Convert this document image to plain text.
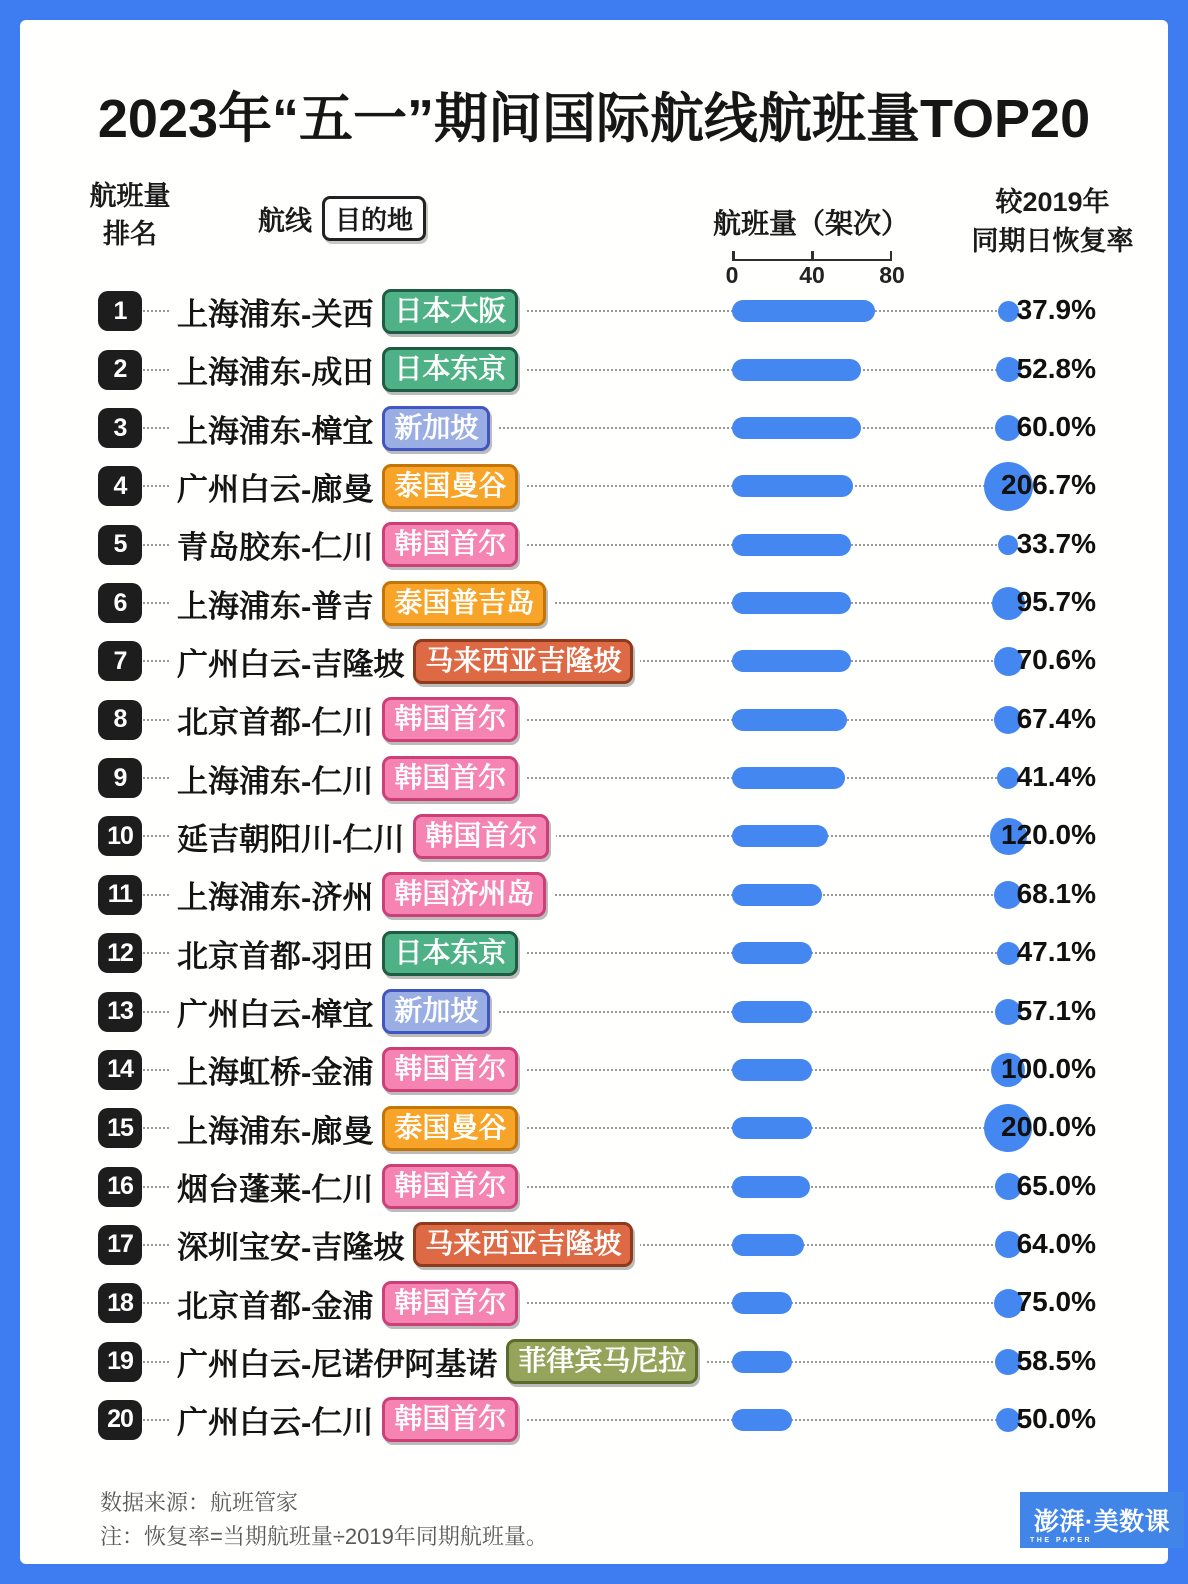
2023年“五一”期间国际航线航班量TOP20
航班量
排名	航线 目的地	航班量（架次）
较2019年
同期日恢复率
0	40 80
1	上海浦东-关西 日本大阪	37.9%
2	上海浦东-成田 日本东京	52.8%
3	上海浦东-樟宜 新加坡	60.0%
4	广州白云-廊曼 泰国曼谷	206.7%
5	青岛胶东-仁川 韩国首尔	33.7%
6	上海浦东-普吉 泰国普吉岛	95.7%
7	广州白云-吉隆坡 马来西亚吉隆坡	70.6%
8	北京首都-仁川 韩国首尔	67.4%
9	上海浦东-仁川 韩国首尔	41.4%
10 延吉朝阳川-仁川 韩国首尔	120.0%
11	上海浦东-济州 韩国济州岛	68.1%
12 北京首都-羽田 日本东京	47.1%
13 广州白云-樟宜 新加坡	57.1%
14 上海虹桥-金浦 韩国首尔	100.0%
15 上海浦东-廊曼 泰国曼谷	200.0%
16 烟台蓬莱-仁川 韩国首尔	65.0%
17 深圳宝安-吉隆坡 马来西亚吉隆坡	64.0%
18 北京首都-金浦 韩国首尔	75.0%
19 广州白云-尼诺伊阿基诺 菲律宾马尼拉	58.5%
20 广州白云-仁川 韩国首尔	50.0%
数据来源：航班管家
注：恢复率=当期航班量÷2019年同期航班量。
澎湃·美数课
THE PAPER
